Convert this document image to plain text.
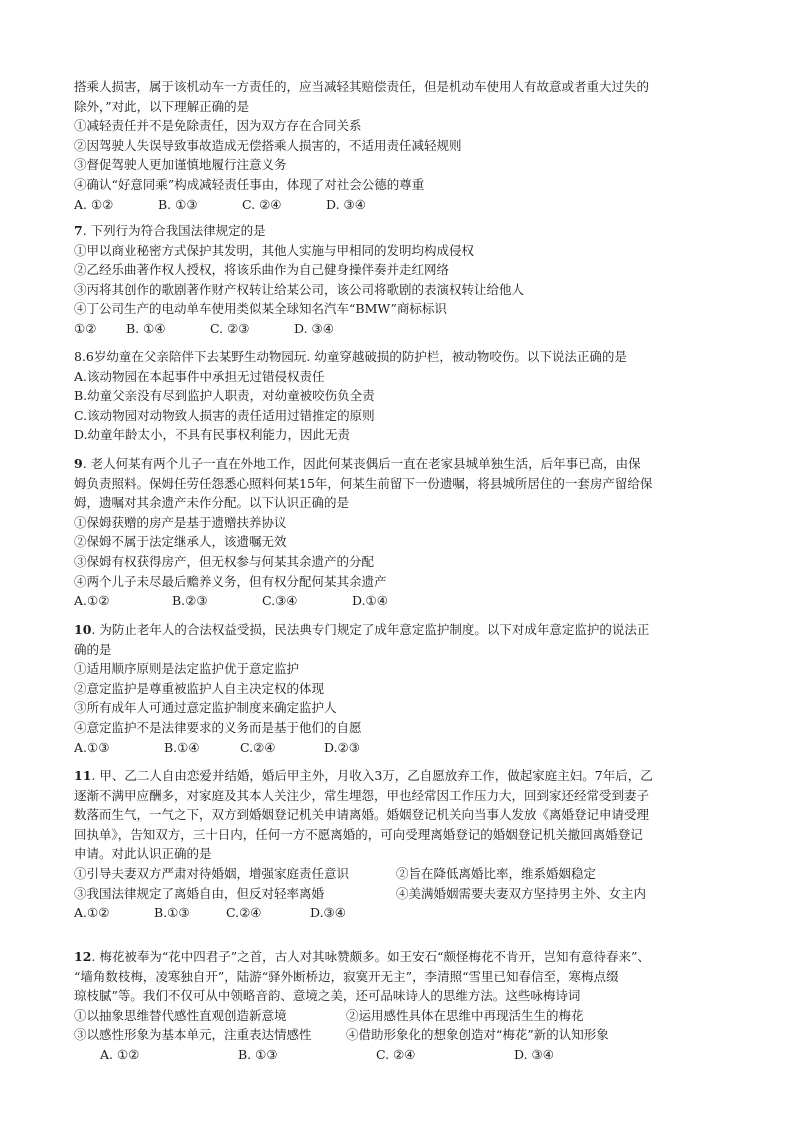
搭乘人损害，属于该机动车一方责任的，应当减轻其赔偿责任，但是机动车使用人有故意或者重大过失的
除外，”对此，以下理解正确的是
①减轻责任并不是免除责任，因为双方存在合同关系
②因驾驶人失误导致事故造成无偿搭乘人损害的，不适用责任减轻规则
③督促驾驶人更加谨慎地履行注意义务
④确认“好意同乘”构成减轻责任事由，体现了对社会公德的尊重
A. ①②	B. ①③	C. ②④	D. ③④
7. 下列行为符合我国法律规定的是
①甲以商业秘密方式保护其发明，其他人实施与甲相同的发明均构成侵权
②乙经乐曲著作权人授权，将该乐曲作为自己健身操伴奏并走红网络
③丙将其创作的歌剧著作财产权转让给某公司，该公司将歌剧的表演权转让给他人
④丁公司生产的电动单车使用类似某全球知名汽车“BMW”商标标识
①② B. ①④	C. ②③	D. ③④
8.6岁幼童在父亲陪伴下去某野生动物园玩. 幼童穿越破损的防护栏，被动物咬伤。以下说法正确的是
A.该动物园在本起事件中承担无过错侵权责任
B.幼童父亲没有尽到监护人职责，对幼童被咬伤负全责
C.该动物园对动物致人损害的责任适用过错推定的原则
D.幼童年龄太小，不具有民事权利能力，因此无责
9. 老人何某有两个儿子一直在外地工作，因此何某丧偶后一直在老家县城单独生活，后年事已高，由保
姆负责照料。保姆任劳任怨悉心照料何某15年，何某生前留下一份遗嘱，将县城所居住的一套房产留给保
姆，遗嘱对其余遗产未作分配。以下认识正确的是
①保姆获赠的房产是基于遗赠扶养协议
②保姆不属于法定继承人，该遗嘱无效
③保姆有权获得房产，但无权参与何某其余遗产的分配
④两个儿子未尽最后赡养义务，但有权分配何某其余遗产
A.①②	B.②③	C.③④	D.①④
10. 为防止老年人的合法权益受损，民法典专门规定了成年意定监护制度。以下对成年意定监护的说法正
确的是
①适用顺序原则是法定监护优于意定监护
②意定监护是尊重被监护人自主决定权的体现
③所有成年人可通过意定监护制度来确定监护人
④意定监护不是法律要求的义务而是基于他们的自愿
A.①③	B.①④	C.②④	D.②③
11. 甲、乙二人自由恋爱并结婚，婚后甲主外，月收入3万，乙自愿放弃工作，做起家庭主妇。7年后，乙
逐渐不满甲应酬多，对家庭及其本人关注少，常生埋怨，甲也经常因工作压力大，回到家还经常受到妻子
数落而生气，一气之下，双方到婚姻登记机关申请离婚。婚姻登记机关向当事人发放《离婚登记申请受理
回执单》，告知双方，三十日内，任何一方不愿离婚的，可向受理离婚登记的婚姻登记机关撤回离婚登记
申请。对此认识正确的是
①引导夫妻双方严肃对待婚姻，增强家庭责任意识	②旨在降低离婚比率，维系婚姻稳定
③我国法律规定了离婚自由，但反对轻率离婚	④美满婚姻需要夫妻双方坚持男主外、女主内
A.①②	B.①③	C.②④	D.③④
12. 梅花被奉为“花中四君子”之首，古人对其咏赞颇多。如王安石“颇怪梅花不肯开，岂知有意待春来”、
“墙角数枝梅，凌寒独自开”，陆游“驿外断桥边，寂寞开无主”，李清照“雪里已知春信至，寒梅点缀
琼枝腻”等。我们不仅可从中领略音韵、意境之美，还可品味诗人的思维方法。这些咏梅诗词
①以抽象思维替代感性直观创造新意境	②运用感性具体在思维中再现活生生的梅花
③以感性形象为基本单元，注重表达情感性	④借助形象化的想象创造对“梅花”新的认知形象
A. ①②	B. ①③	C. ②④	D. ③④
